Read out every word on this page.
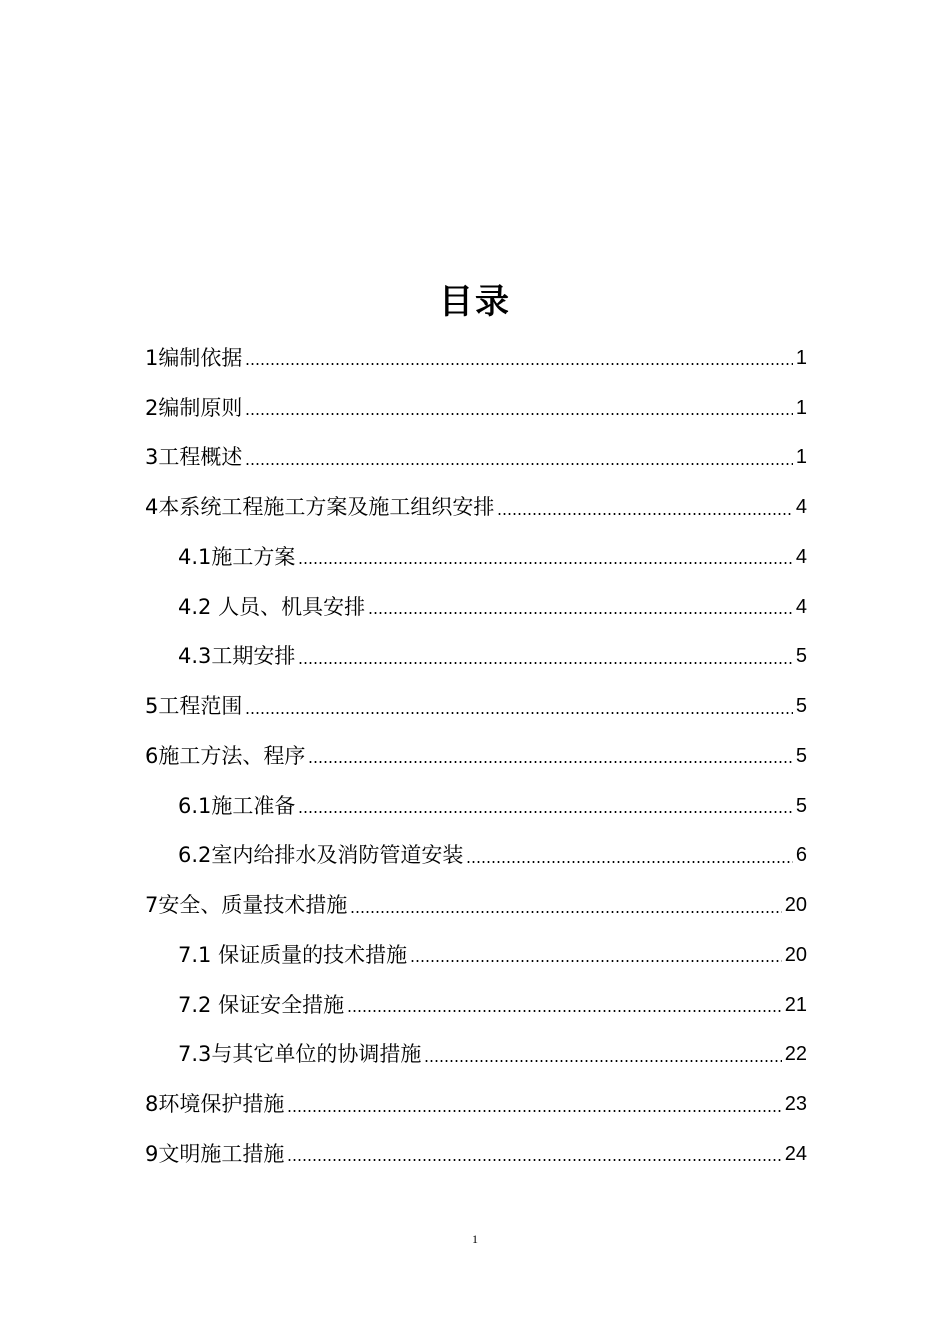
目录
1编制依据	1
2编制原则	1
3工程概述	1
4本系统工程施工方案及施工组织安排	4
4.1施工方案	4
4.2 人员、机具安排	4
4.3工期安排	5
5工程范围	5
6施工方法、程序	5
6.1施工准备	5
6.2室内给排水及消防管道安装	6
7安全、质量技术措施	20
7.1 保证质量的技术措施	20
7.2 保证安全措施	21
7.3与其它单位的协调措施	22
8环境保护措施	23
9文明施工措施	24
1
